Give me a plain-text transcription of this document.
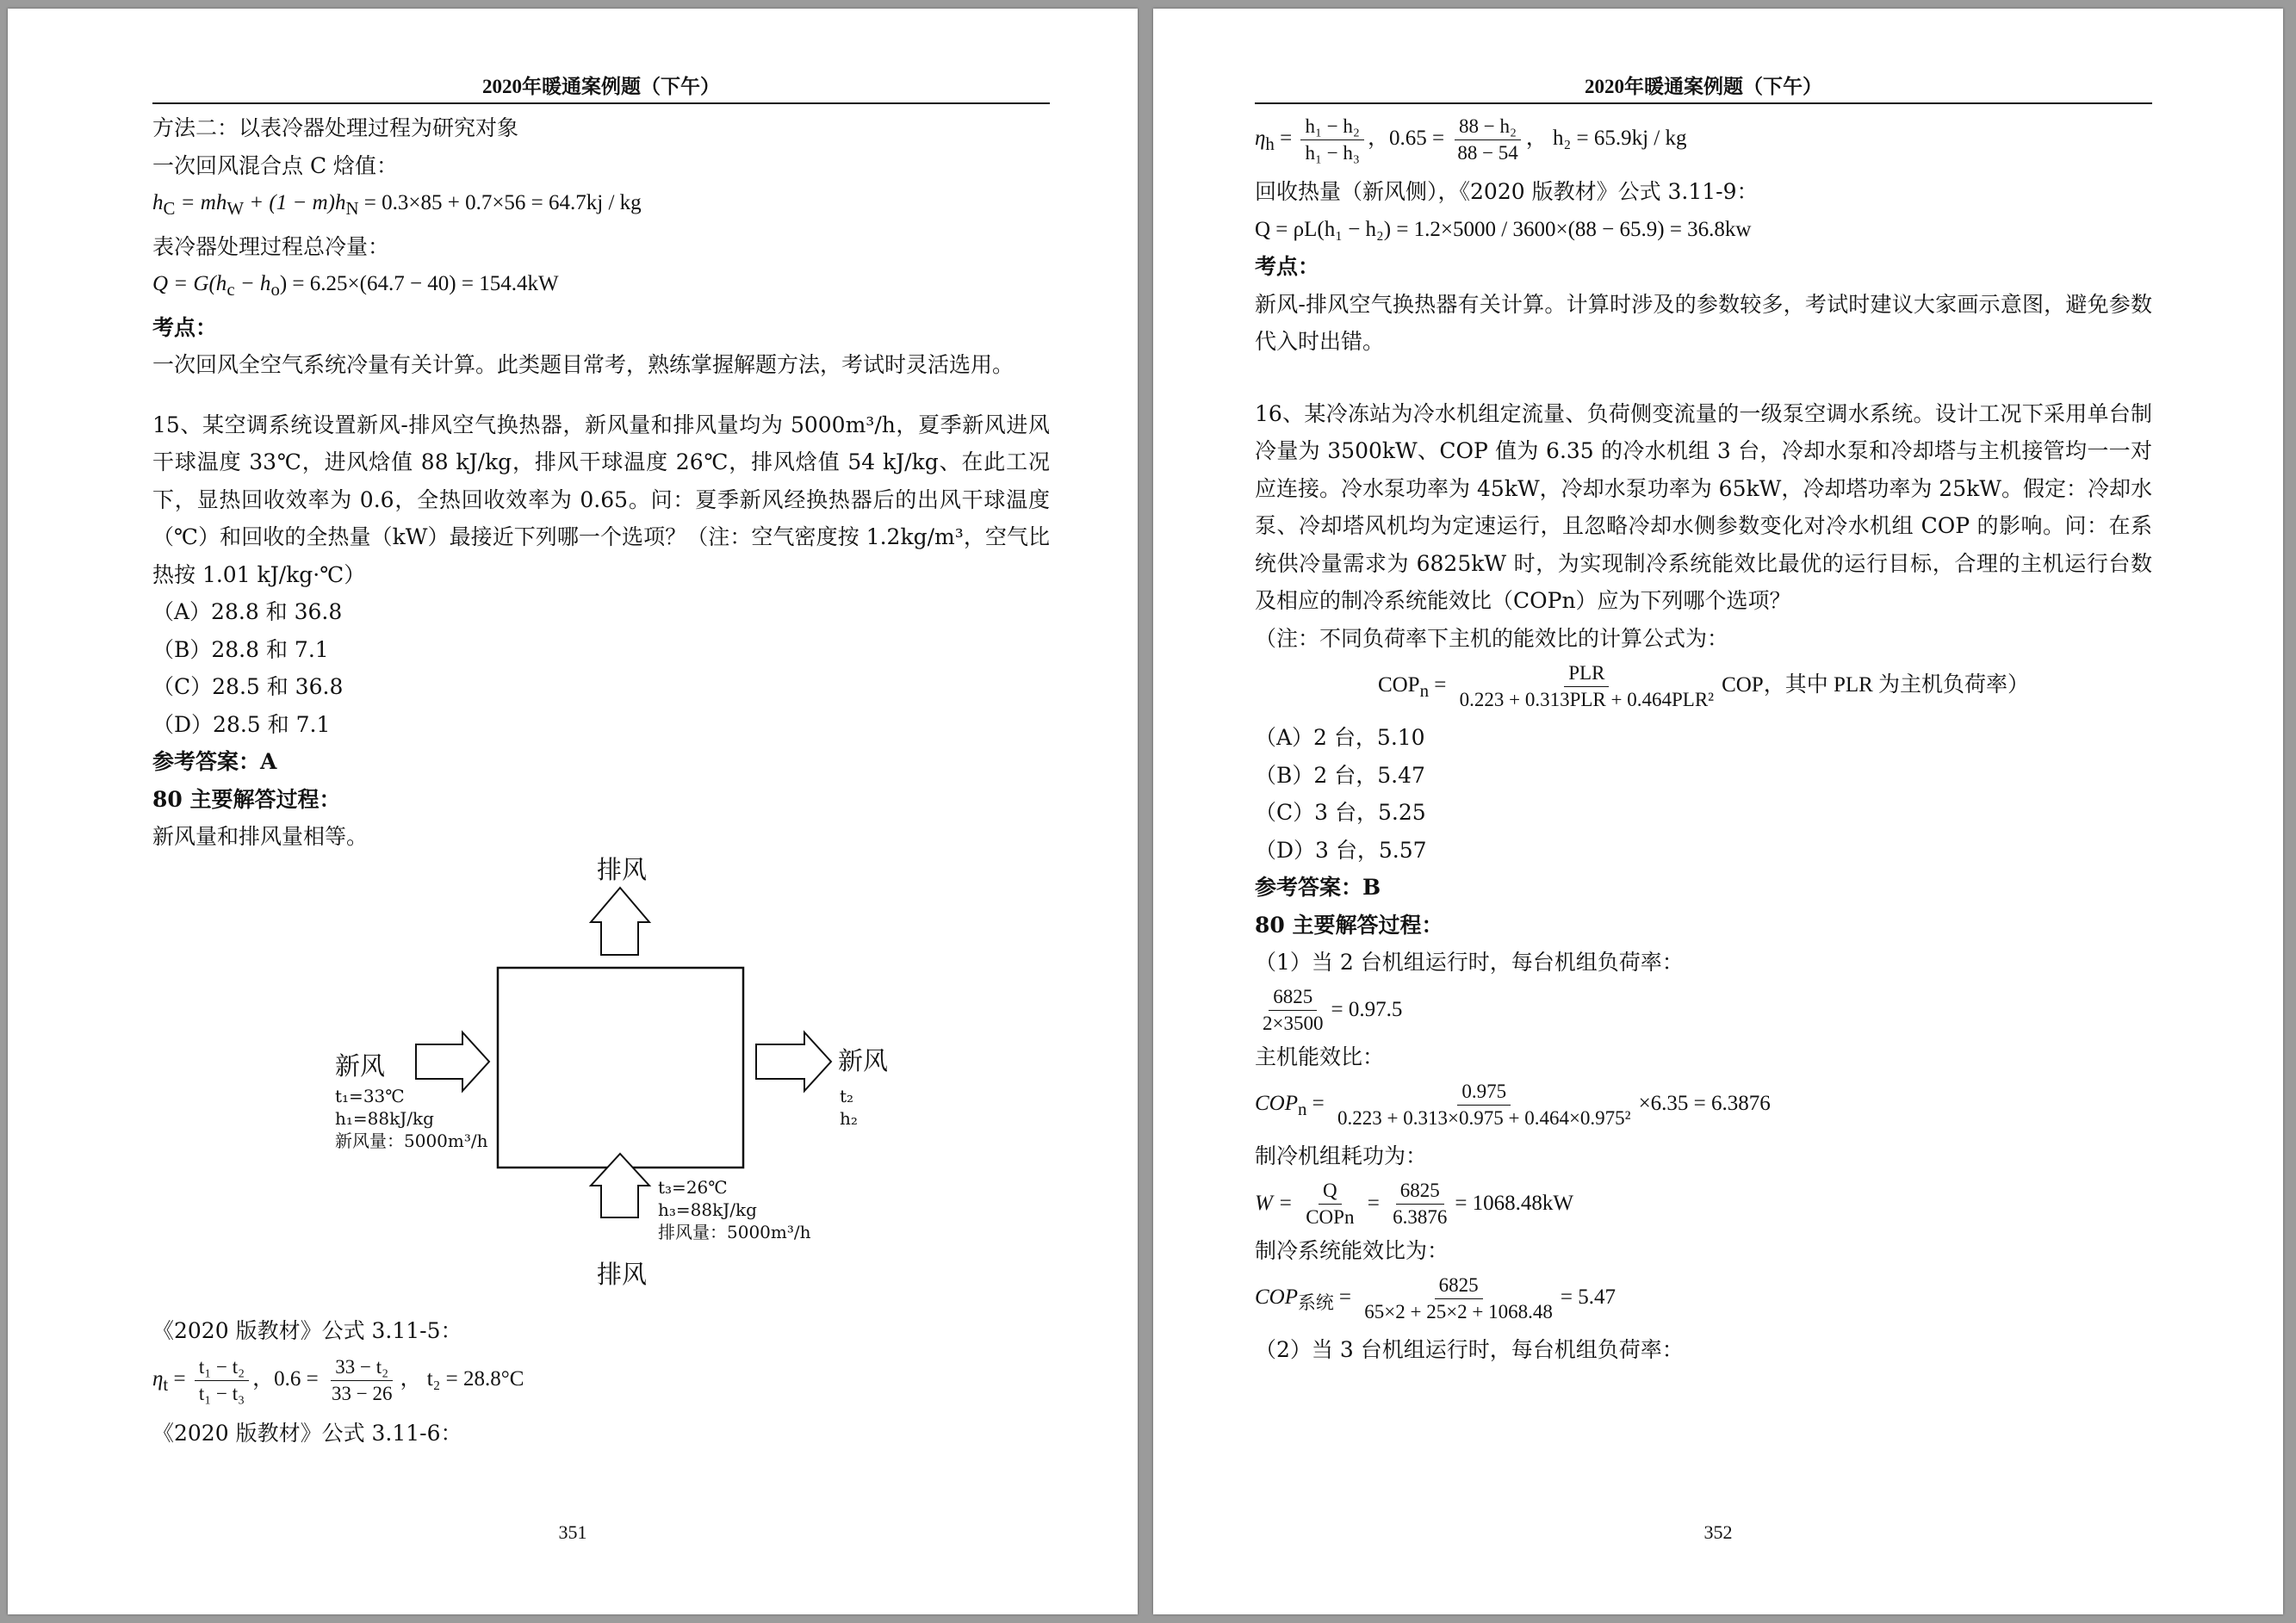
2020年暖通案例题（下午）
方法二：以表冷器处理过程为研究对象
一次回风混合点 C 焓值：
$h_C = mh_W + (1 - m)h_N = 0.3\times 85 + 0.7\times 56 = 64.7kj$ / kg
表冷器处理过程总冷量：
$Q = G(h_c - h_o) = 6.25\times(64.7 - 40) = 154.4kW$
考点：
一次回风全空气系统冷量有关计算。此类题目常考，熟练掌握解题方法，考试时灵活选用。
15、某空调系统设置新风-排风空气换热器，新风量和排风量均为 5000m³/h，夏季新风进风干球温度 33℃，进风焓值 88 kJ/kg，排风干球温度 26℃，排风焓值 54 kJ/kg、在此工况下，显热回收效率为 0.6，全热回收效率为 0.65。问：夏季新风经换热器后的出风干球温度（℃）和回收的全热量（kW）最接近下列哪一个选项？（注：空气密度按 1.2kg/m³，空气比热按 1.01 kJ/kg·℃）
（A）28.8 和 36.8
（B）28.8 和 7.1
（C）28.5 和 36.8
（D）28.5 和 7.1
参考答案：A
80 主要解答过程：
新风量和排风量相等。
排风
排风
新风	新风
t₁=33℃
h₁=88kJ/kg
新风量：5000m³/h
t₂
h₂
t₃=26℃
h₃=88kJ/kg
排风量：5000m³/h
《2020 版教材》公式 3.11-5：
$\eta_t = \frac{\text{t₁ − t₂}}{\text{t₁ − t₃}}$ ，$0.6 = \frac{\text{33 − t₂}}{33 - 26}$ ， t₂ = 28.8°C
《2020 版教材》公式 3.11-6：
351
2020年暖通案例题（下午）
$\eta_h = \frac{\text{h₁ − h₂}}{\text{h₁ − h₃}}$ ，$0.65 = \frac{\text{88 − h₂}}{88 - 54}$ ， h₂ = 65.9kj / kg
回收热量（新风侧），《2020 版教材》公式 3.11-9：
Q = ρL(h₁ − h₂) = 1.2×5000 / 3600×(88 − 65.9) = 36.8kw
考点：
新风-排风空气换热器有关计算。计算时涉及的参数较多，考试时建议大家画示意图，避免参数代入时出错。
16、某冷冻站为冷水机组定流量、负荷侧变流量的一级泵空调水系统。设计工况下采用单台制冷量为 3500kW、COP 值为 6.35 的冷水机组 3 台，冷却水泵和冷却塔与主机接管均一一对应连接。冷水泵功率为 45kW，冷却水泵功率为 65kW，冷却塔功率为 25kW。假定：冷却水泵、冷却塔风机均为定速运行，且忽略冷却水侧参数变化对冷水机组 COP 的影响。问：在系统供冷量需求为 6825kW 时，为实现制冷系统能效比最优的运行目标，合理的主机运行台数及相应的制冷系统能效比（COPn）应为下列哪个选项？
（注：不同负荷率下主机的能效比的计算公式为：
$COP_n = \frac{\text{PLR}}{\text{0.223 + 0.313PLR + 0.464PLR²}}$ COP，其中 PLR 为主机负荷率）
（A）2 台，5.10
（B）2 台，5.47
（C）3 台，5.25
（D）3 台，5.57
参考答案：B
80 主要解答过程：
（1）当 2 台机组运行时，每台机组负荷率：
$\frac{6825}{2\times 3500} = 0.97.5$
主机能效比：
$COP_n = \frac{0.975}{\text{0.223 + 0.313×0.975 + 0.464×0.975²}} \times 6.35 = 6.3876$
制冷机组耗功为：
$W = \frac{Q}{\text{COPn}} = \frac{6825}{6.3876} = 1068.48kW$
制冷系统能效比为：
$COP_{系统} = \frac{6825}{65\times 2 + 25\times 2 + 1068.48} = 5.47$
（2）当 3 台机组运行时，每台机组负荷率：
352
